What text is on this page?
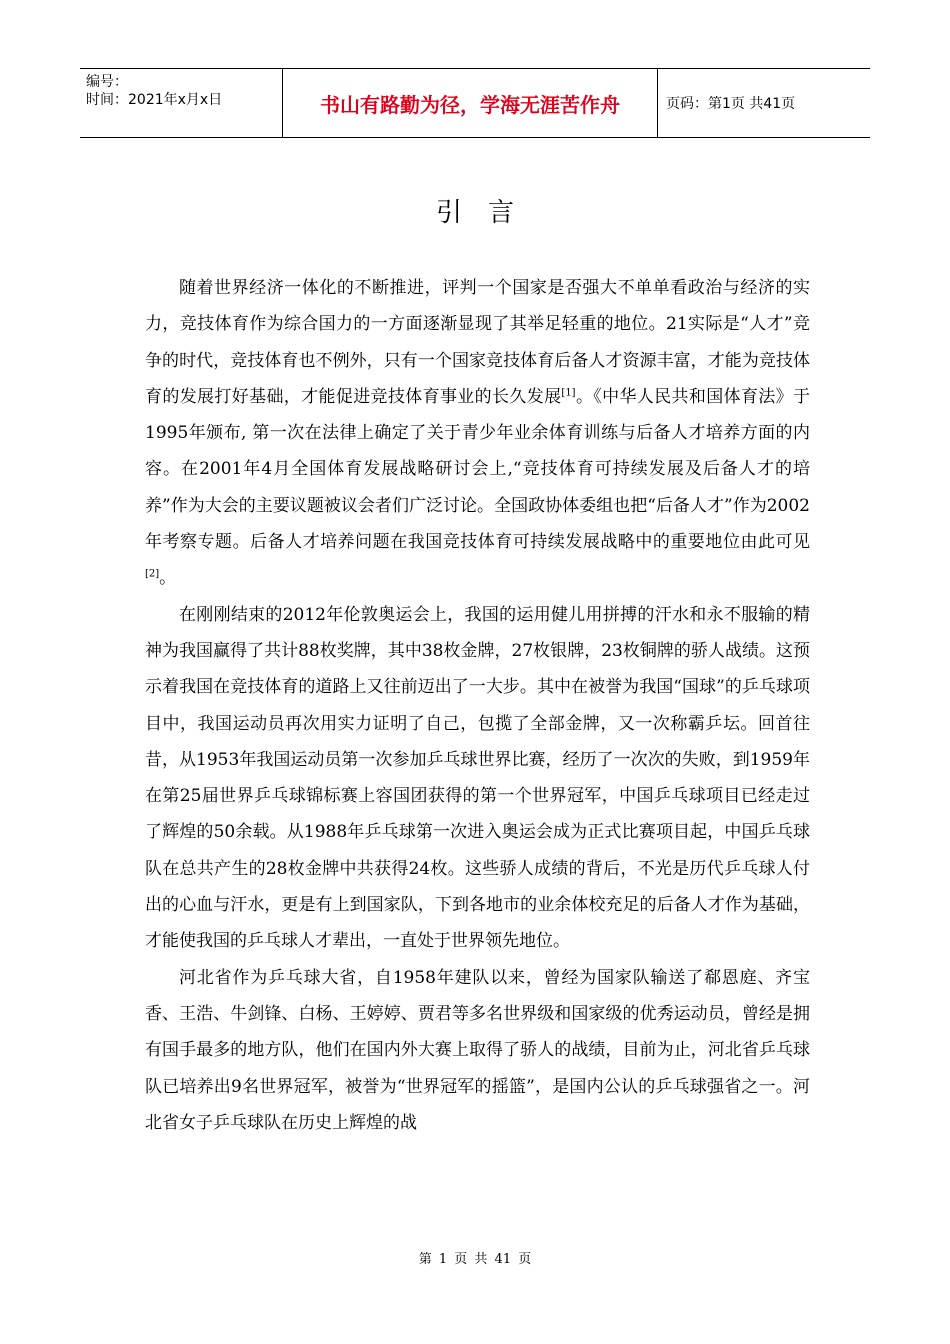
编号：
时间：2021年x月x日	书山有路勤为径，学海无涯苦作舟	页码：第1页 共41页
引言

随着世界经济一体化的不断推进，评判一个国家是否强大不单单看政治与经济的实力，竞技体育作为综合国力的一方面逐渐显现了其举足轻重的地位。21实际是“人才”竞争的时代，竞技体育也不例外，只有一个国家竞技体育后备人才资源丰富，才能为竞技体育的发展打好基础，才能促进竞技体育事业的长久发展[1]。《中华人民共和国体育法》于1995年颁布, 第一次在法律上确定了关于青少年业余体育训练与后备人才培养方面的内容。在2001年4月全国体育发展战略研讨会上,“竞技体育可持续发展及后备人才的培养”作为大会的主要议题被议会者们广泛讨论。全国政协体委组也把“后备人才”作为2002年考察专题。后备人才培养问题在我国竞技体育可持续发展战略中的重要地位由此可见[2]。

在刚刚结束的2012年伦敦奥运会上，我国的运用健儿用拼搏的汗水和永不服输的精神为我国赢得了共计88枚奖牌，其中38枚金牌，27枚银牌，23枚铜牌的骄人战绩。这预示着我国在竞技体育的道路上又往前迈出了一大步。其中在被誉为我国“国球”的乒乓球项目中，我国运动员再次用实力证明了自己，包揽了全部金牌，又一次称霸乒坛。回首往昔，从1953年我国运动员第一次参加乒乓球世界比赛，经历了一次次的失败，到1959年在第25届世界乒乓球锦标赛上容国团获得的第一个世界冠军，中国乒乓球项目已经走过了辉煌的50余载。从1988年乒乓球第一次进入奥运会成为正式比赛项目起，中国乒乓球队在总共产生的28枚金牌中共获得24枚。这些骄人成绩的背后，不光是历代乒乓球人付出的心血与汗水，更是有上到国家队，下到各地市的业余体校充足的后备人才作为基础，才能使我国的乒乓球人才辈出，一直处于世界领先地位。

河北省作为乒乓球大省，自1958年建队以来，曾经为国家队输送了郗恩庭、齐宝香、王浩、牛剑锋、白杨、王婷婷、贾君等多名世界级和国家级的优秀运动员，曾经是拥有国手最多的地方队，他们在国内外大赛上取得了骄人的战绩，目前为止，河北省乒乓球队已培养出9名世界冠军，被誉为“世界冠军的摇篮”，是国内公认的乒乓球强省之一。河北省女子乒乓球队在历史上辉煌的战

第 1 页 共 41 页
